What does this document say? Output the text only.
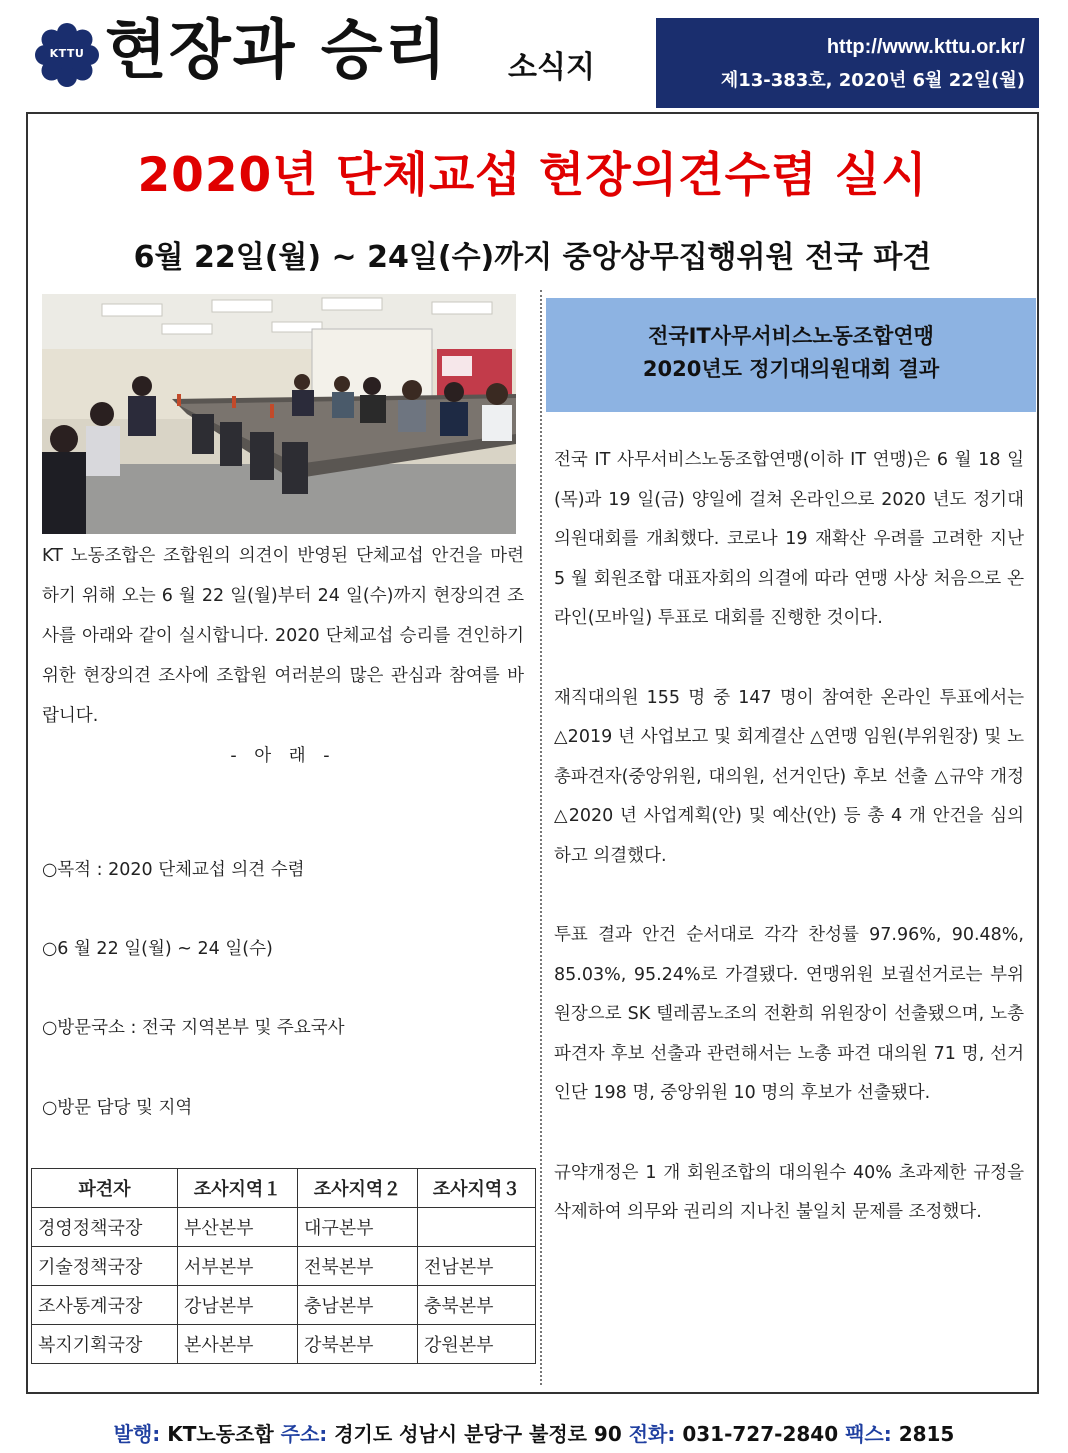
KTTU 현장과 승리 소식지
http://www.kttu.or.kr/
제13-383호, 2020년 6월 22일(월)
2020년 단체교섭 현장의견수렴 실시
6월 22일(월) ~ 24일(수)까지 중앙상무집행위원 전국 파견

KT 노동조합은 조합원의 의견이 반영된 단체교섭 안건을 마련하기 위해 오는 6 월 22 일(월)부터 24 일(수)까지 현장의견 조사를 아래와 같이 실시합니다. 2020 단체교섭 승리를 견인하기 위한 현장의견 조사에 조합원 여러분의 많은 관심과 참여를 바랍니다.

- 아 래 -

○목적 : 2020 단체교섭 의견 수렴
○6 월 22 일(월) ~ 24 일(수)
○방문국소 : 전국 지역본부 및 주요국사
○방문 담당 및 지역
파견자	조사지역１	조사지역２	조사지역３
경영정책국장	부산본부	대구본부	
기술정책국장	서부본부	전북본부	전남본부
조사통계국장	강남본부	충남본부	충북본부
복지기획국장	본사본부	강북본부	강원본부
전국IT사무서비스노동조합연맹
2020년도 정기대의원대회 결과

전국 IT 사무서비스노동조합연맹(이하 IT 연맹)은 6 월 18 일(목)과 19 일(금) 양일에 걸쳐 온라인으로 2020 년도 정기대의원대회를 개최했다. 코로나 19 재확산 우려를 고려한 지난 5 월 회원조합 대표자회의 의결에 따라 연맹 사상 처음으로 온라인(모바일) 투표로 대회를 진행한 것이다.

재직대의원 155 명 중 147 명이 참여한 온라인 투표에서는 △2019 년 사업보고 및 회계결산 △연맹 임원(부위원장) 및 노총파견자(중앙위원, 대의원, 선거인단) 후보 선출 △규약 개정 △2020 년 사업계획(안) 및 예산(안) 등 총 4 개 안건을 심의하고 의결했다.

투표 결과 안건 순서대로 각각 찬성률 97.96%, 90.48%, 85.03%, 95.24%로 가결됐다. 연맹위원 보궐선거로는 부위원장으로 SK 텔레콤노조의 전환희 위원장이 선출됐으며, 노총 파견자 후보 선출과 관련해서는 노총 파견 대의원 71 명, 선거인단 198 명, 중앙위원 10 명의 후보가 선출됐다.

규약개정은 1 개 회원조합의 대의원수 40% 초과제한 규정을 삭제하여 의무와 권리의 지나친 불일치 문제를 조정했다.

발행: KT노동조합 주소: 경기도 성남시 분당구 불정로 90 전화: 031-727-2840 팩스: 2815
